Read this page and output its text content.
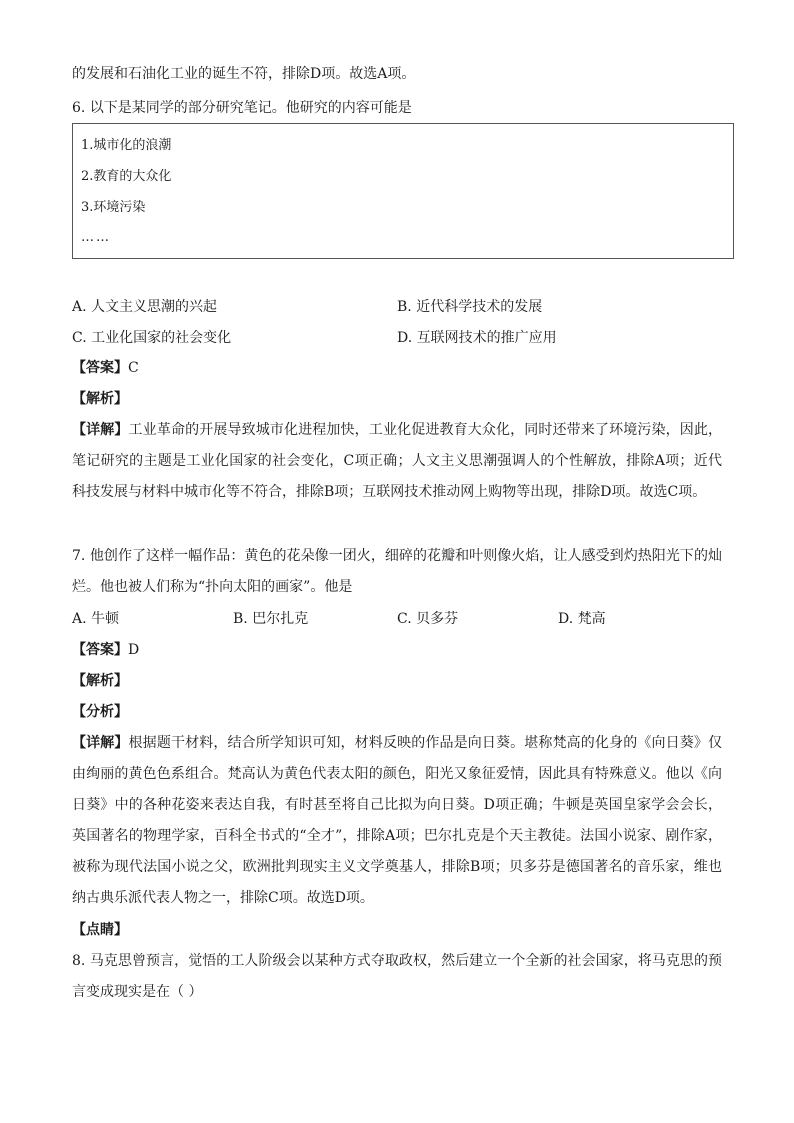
的发展和石油化工业的诞生不符，排除D项。故选A项。
6. 以下是某同学的部分研究笔记。他研究的内容可能是
1.城市化的浪潮
2.教育的大众化
3.环境污染
……
A. 人文主义思潮的兴起	B. 近代科学技术的发展
C. 工业化国家的社会变化	D. 互联网技术的推广应用
【答案】C
【解析】
【详解】工业革命的开展导致城市化进程加快，工业化促进教育大众化，同时还带来了环境污染，因此，笔记研究的主题是工业化国家的社会变化，C项正确；人文主义思潮强调人的个性解放，排除A项；近代科技发展与材料中城市化等不符合，排除B项；互联网技术推动网上购物等出现，排除D项。故选C项。
7. 他创作了这样一幅作品：黄色的花朵像一团火，细碎的花瓣和叶则像火焰，让人感受到灼热阳光下的灿烂。他也被人们称为“扑向太阳的画家”。他是
A. 牛顿	B. 巴尔扎克	C. 贝多芬	D. 梵高
【答案】D
【解析】
【分析】
【详解】根据题干材料，结合所学知识可知，材料反映的作品是向日葵。堪称梵高的化身的《向日葵》仅由绚丽的黄色色系组合。梵高认为黄色代表太阳的颜色，阳光又象征爱情，因此具有特殊意义。他以《向日葵》中的各种花姿来表达自我，有时甚至将自己比拟为向日葵。D项正确；牛顿是英国皇家学会会长，英国著名的物理学家，百科全书式的“全才”，排除A项；巴尔扎克是个天主教徒。法国小说家、剧作家，被称为现代法国小说之父，欧洲批判现实主义文学奠基人，排除B项；贝多芬是德国著名的音乐家，维也纳古典乐派代表人物之一，排除C项。故选D项。
【点睛】
8. 马克思曾预言，觉悟的工人阶级会以某种方式夺取政权，然后建立一个全新的社会国家，将马克思的预言变成现实是在（ ）
